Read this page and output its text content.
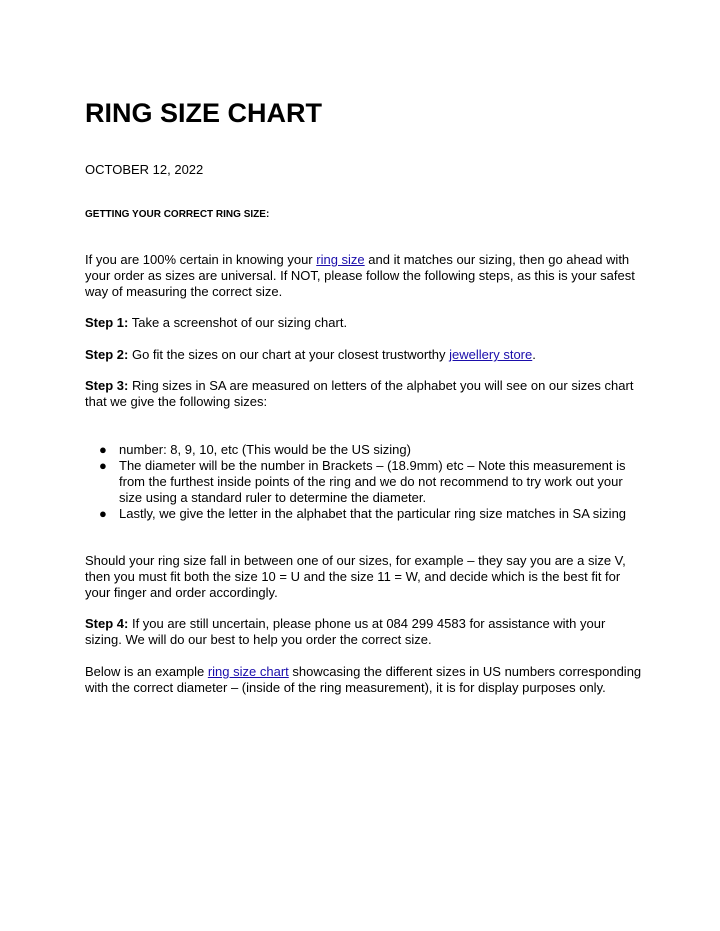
RING SIZE CHART
OCTOBER 12, 2022
GETTING YOUR CORRECT RING SIZE:

If you are 100% certain in knowing your ring size and it matches our sizing, then go ahead with your order as sizes are universal. If NOT, please follow the following steps, as this is your safest way of measuring the correct size.

Step 1: Take a screenshot of our sizing chart.

Step 2: Go fit the sizes on our chart at your closest trustworthy jewellery store.

Step 3: Ring sizes in SA are measured on letters of the alphabet you will see on our sizes chart that we give the following sizes:

● number: 8, 9, 10, etc (This would be the US sizing)
● The diameter will be the number in Brackets – (18.9mm) etc – Note this measurement is from the furthest inside points of the ring and we do not recommend to try work out your size using a standard ruler to determine the diameter.
● Lastly, we give the letter in the alphabet that the particular ring size matches in SA sizing

Should your ring size fall in between one of our sizes, for example – they say you are a size V, then you must fit both the size 10 = U and the size 11 = W, and decide which is the best fit for your finger and order accordingly.

Step 4: If you are still uncertain, please phone us at 084 299 4583 for assistance with your sizing. We will do our best to help you order the correct size.

Below is an example ring size chart showcasing the different sizes in US numbers corresponding with the correct diameter – (inside of the ring measurement), it is for display purposes only.
